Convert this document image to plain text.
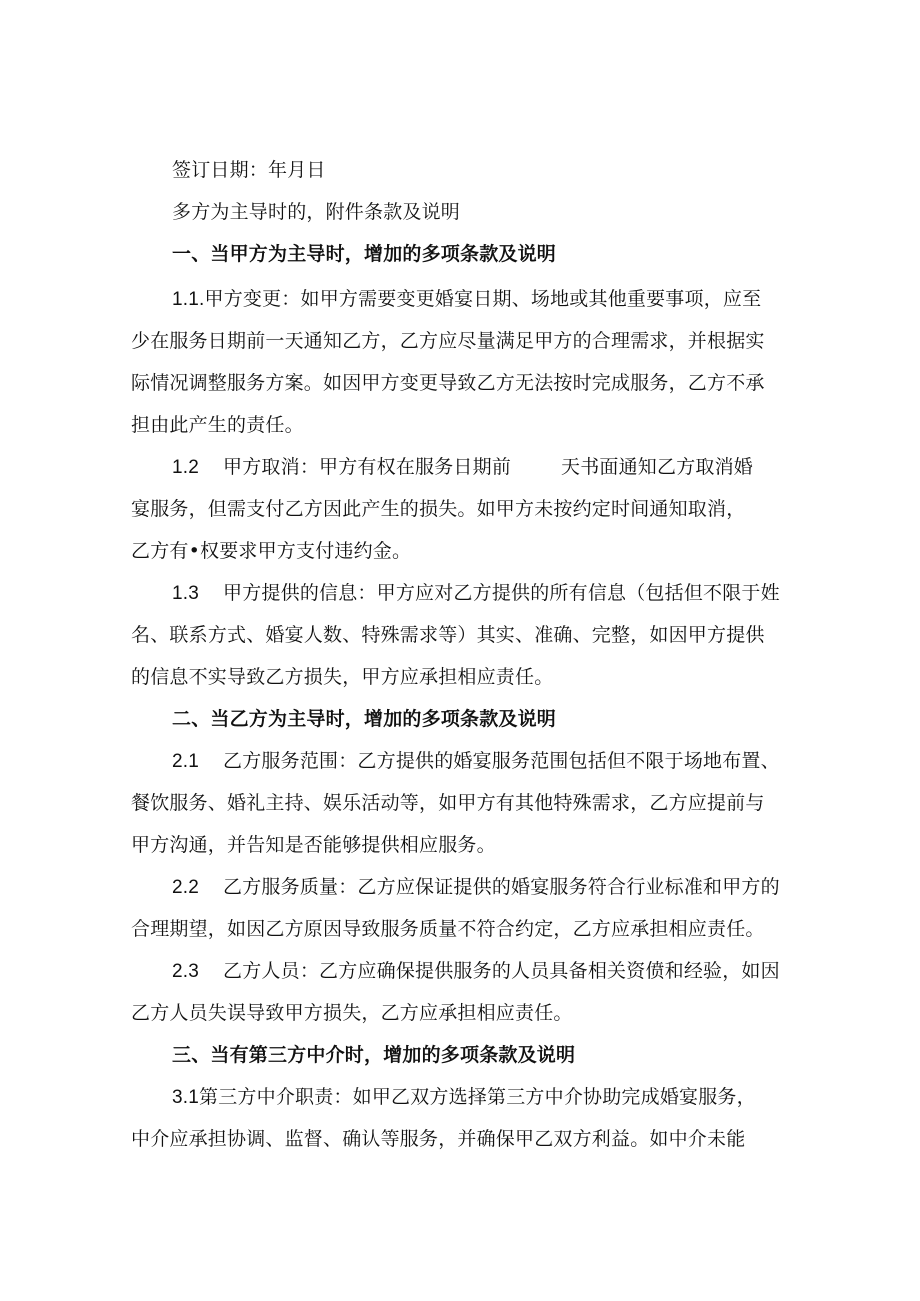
签订日期：年月日
多方为主导时的，附件条款及说明
一、当甲方为主导时，增加的多项条款及说明
1.1.甲方变更：如甲方需要变更婚宴日期、场地或其他重要事项，应至
少在服务日期前一天通知乙方，乙方应尽量满足甲方的合理需求，并根据实
际情况调整服务方案。如因甲方变更导致乙方无法按时完成服务，乙方不承
担由此产生的责任。
1.2 甲方取消：甲方有权在服务日期前	天书面通知乙方取消婚
宴服务，但需支付乙方因此产生的损失。如甲方未按约定时间通知取消，
乙方有•权要求甲方支付违约金。
1.3 甲方提供的信息：甲方应对乙方提供的所有信息（包括但不限于姓
名、联系方式、婚宴人数、特殊需求等）其实、准确、完整，如因甲方提供
的信息不实导致乙方损失，甲方应承担相应责任。
二、当乙方为主导时，增加的多项条款及说明
2.1 乙方服务范围：乙方提供的婚宴服务范围包括但不限于场地布置、
餐饮服务、婚礼主持、娱乐活动等，如甲方有其他特殊需求，乙方应提前与
甲方沟通，并告知是否能够提供相应服务。
2.2 乙方服务质量：乙方应保证提供的婚宴服务符合行业标准和甲方的
合理期望，如因乙方原因导致服务质量不符合约定，乙方应承担相应责任。
2.3 乙方人员：乙方应确保提供服务的人员具备相关资偾和经验，如因
乙方人员失误导致甲方损失，乙方应承担相应责任。
三、当有第三方中介时，增加的多项条款及说明
3.1第三方中介职责：如甲乙双方选择第三方中介协助完成婚宴服务，
中介应承担协调、监督、确认等服务，并确保甲乙双方利益。如中介未能
